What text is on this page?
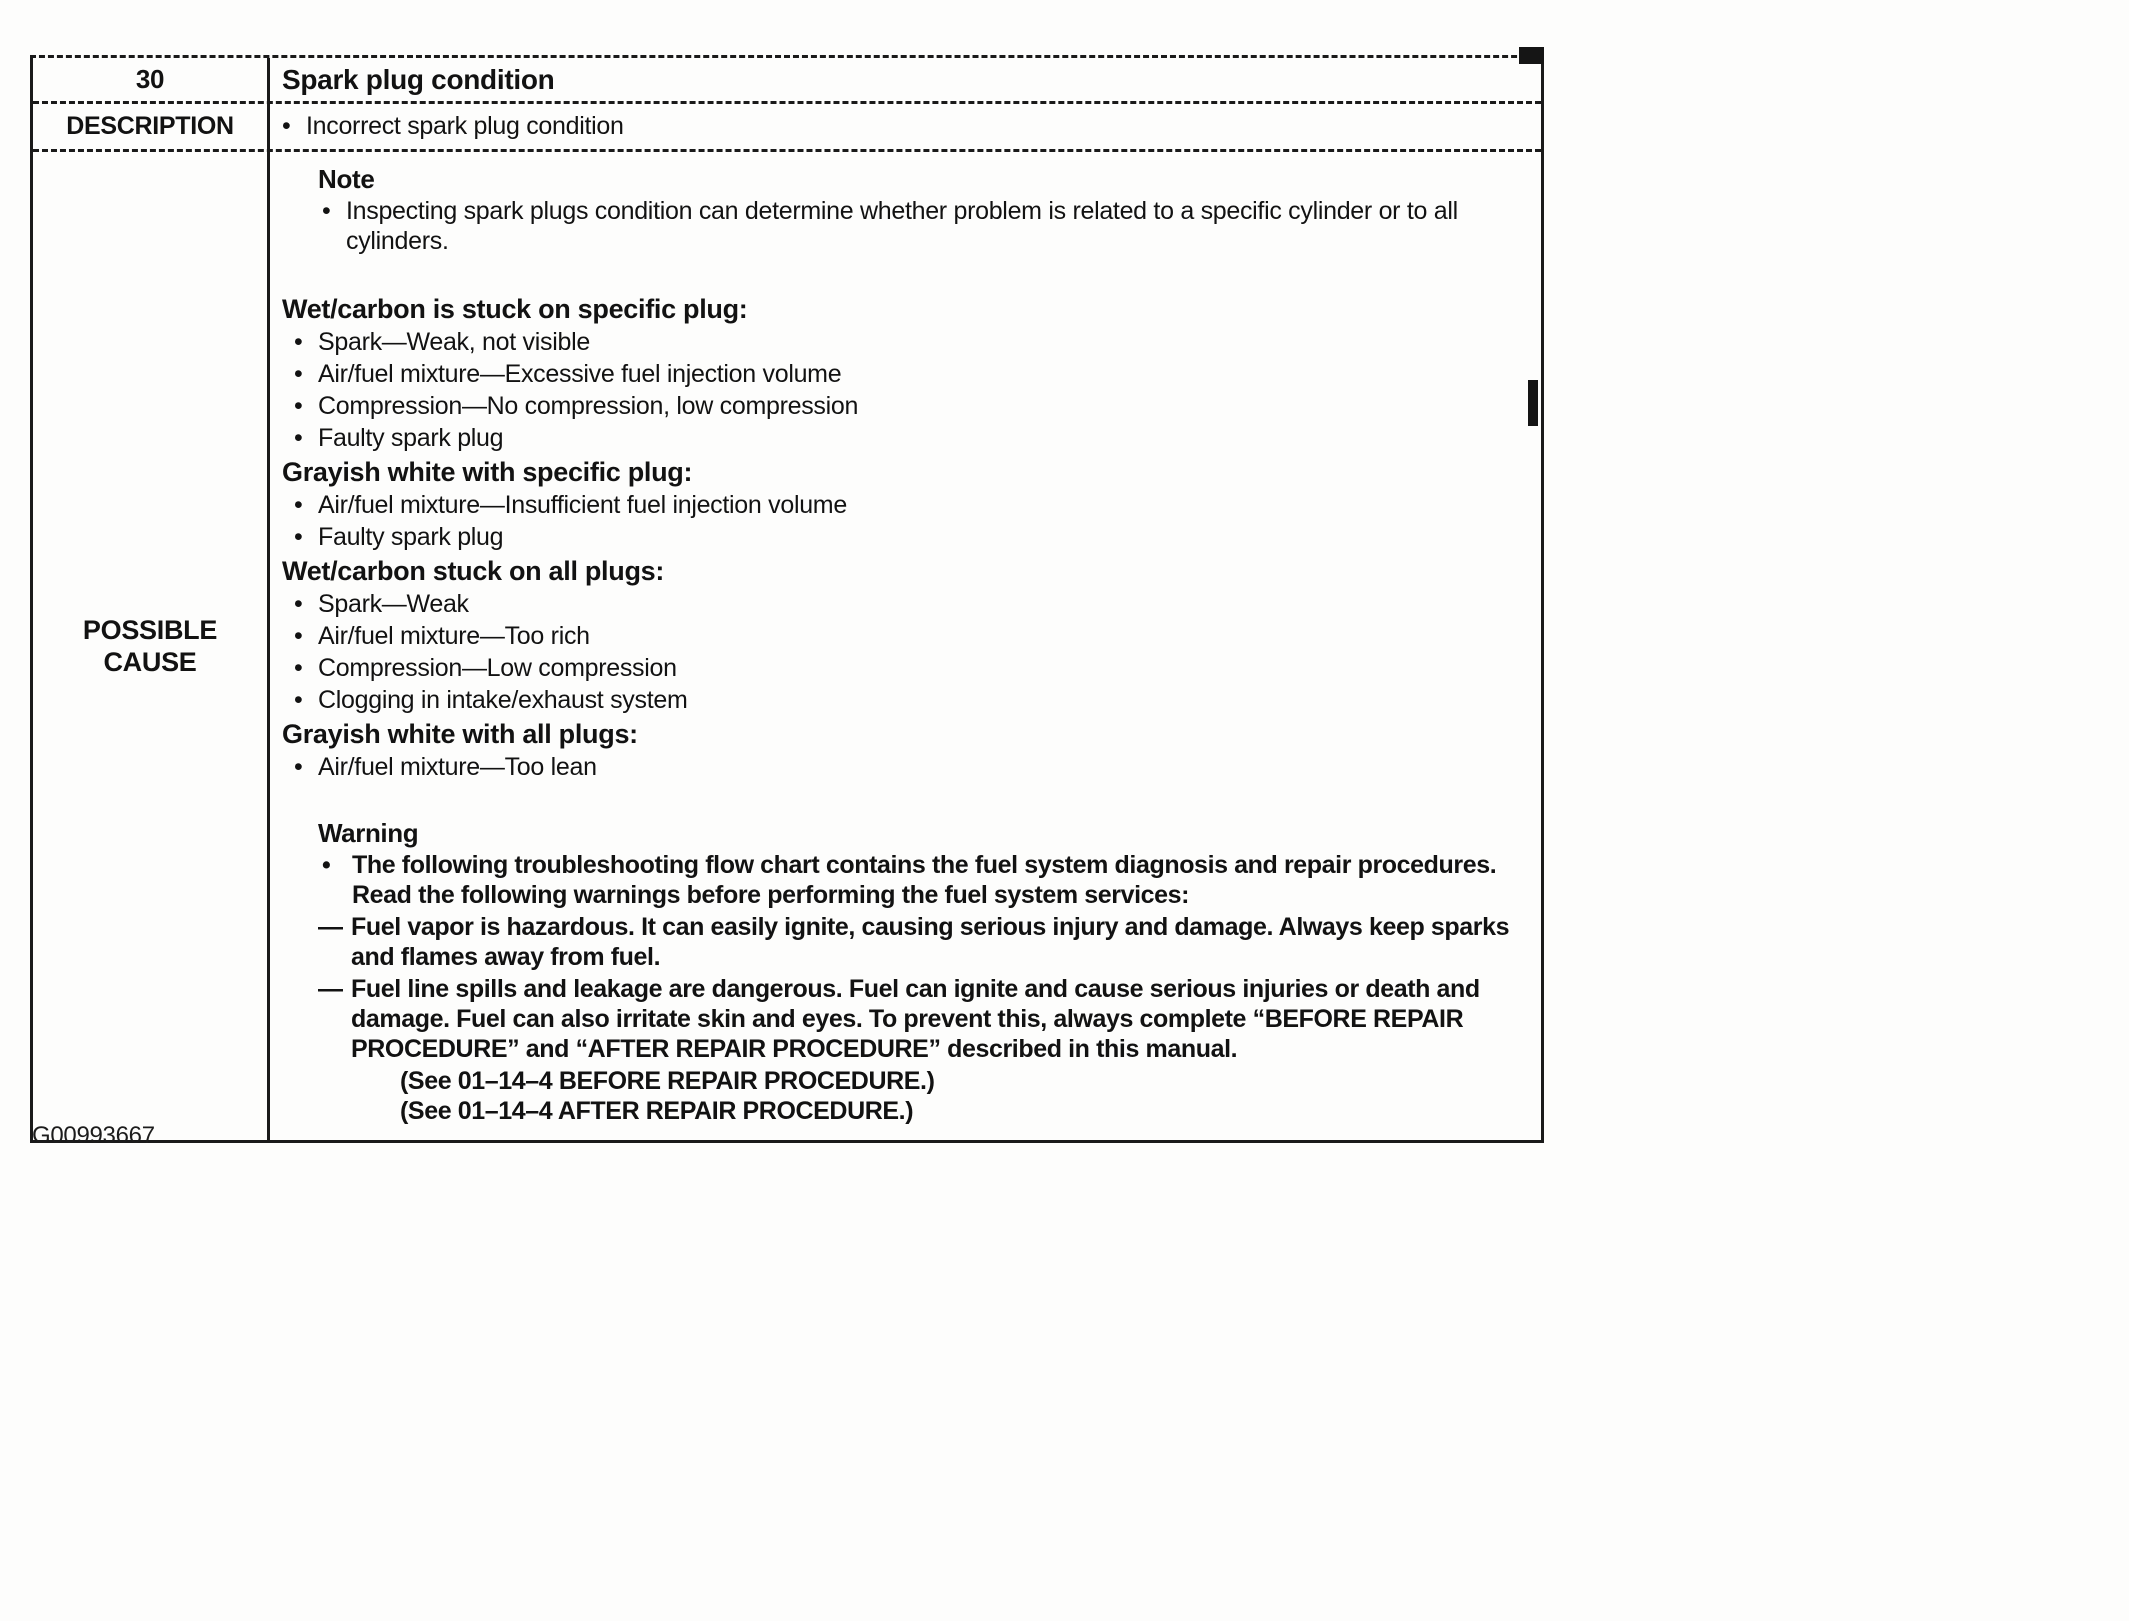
30	Spark plug condition
DESCRIPTION	• Incorrect spark plug condition
POSSIBLE
CAUSE
Note
• Inspecting spark plugs condition can determine whether problem is related to a specific cylinder or to all cylinders.
Wet/carbon is stuck on specific plug:
• Spark—Weak, not visible
• Air/fuel mixture—Excessive fuel injection volume
• Compression—No compression, low compression
• Faulty spark plug
Grayish white with specific plug:
• Air/fuel mixture—Insufficient fuel injection volume
• Faulty spark plug
Wet/carbon stuck on all plugs:
• Spark—Weak
• Air/fuel mixture—Too rich
• Compression—Low compression
• Clogging in intake/exhaust system
Grayish white with all plugs:
• Air/fuel mixture—Too lean
Warning
• The following troubleshooting flow chart contains the fuel system diagnosis and repair procedures. Read the following warnings before performing the fuel system services:
— Fuel vapor is hazardous. It can easily ignite, causing serious injury and damage. Always keep sparks and flames away from fuel.
— Fuel line spills and leakage are dangerous. Fuel can ignite and cause serious injuries or death and damage. Fuel can also irritate skin and eyes. To prevent this, always complete “BEFORE REPAIR PROCEDURE” and “AFTER REPAIR PROCEDURE” described in this manual.
(See 01–14–4 BEFORE REPAIR PROCEDURE.)
(See 01–14–4 AFTER REPAIR PROCEDURE.)
G00993667
